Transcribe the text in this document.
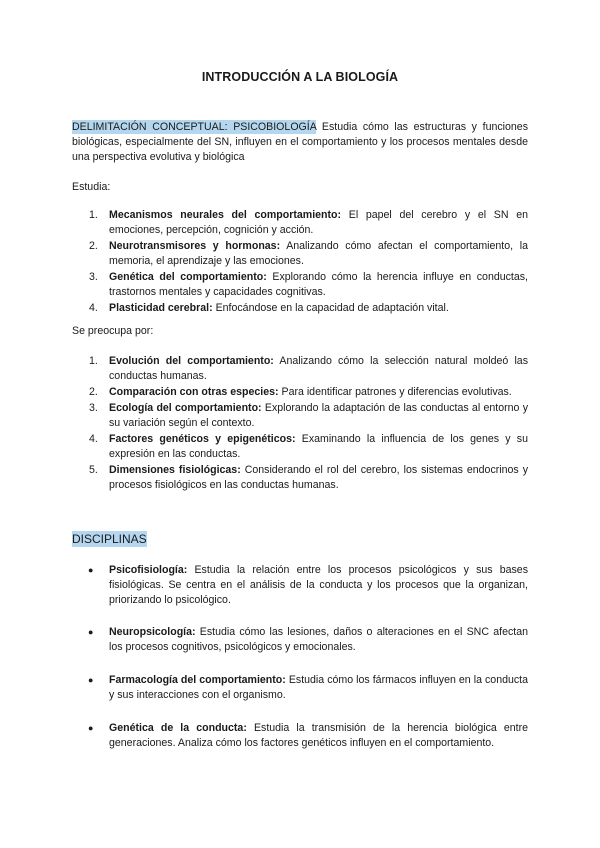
INTRODUCCIÓN A LA BIOLOGÍA
DELIMITACIÓN CONCEPTUAL: PSICOBIOLOGÍA Estudia cómo las estructuras y funciones biológicas, especialmente del SN, influyen en el comportamiento y los procesos mentales desde una perspectiva evolutiva y biológica
Estudia:
1. Mecanismos neurales del comportamiento: El papel del cerebro y el SN en emociones, percepción, cognición y acción.
2. Neurotransmisores y hormonas: Analizando cómo afectan el comportamiento, la memoria, el aprendizaje y las emociones.
3. Genética del comportamiento: Explorando cómo la herencia influye en conductas, trastornos mentales y capacidades cognitivas.
4. Plasticidad cerebral: Enfocándose en la capacidad de adaptación vital.
Se preocupa por:
1. Evolución del comportamiento: Analizando cómo la selección natural moldeó las conductas humanas.
2. Comparación con otras especies: Para identificar patrones y diferencias evolutivas.
3. Ecología del comportamiento: Explorando la adaptación de las conductas al entorno y su variación según el contexto.
4. Factores genéticos y epigenéticos: Examinando la influencia de los genes y su expresión en las conductas.
5. Dimensiones fisiológicas: Considerando el rol del cerebro, los sistemas endocrinos y procesos fisiológicos en las conductas humanas.
DISCIPLINAS
● Psicofisiología: Estudia la relación entre los procesos psicológicos y sus bases fisiológicas. Se centra en el análisis de la conducta y los procesos que la organizan, priorizando lo psicológico.
● Neuropsicología: Estudia cómo las lesiones, daños o alteraciones en el SNC afectan los procesos cognitivos, psicológicos y emocionales.
● Farmacología del comportamiento: Estudia cómo los fármacos influyen en la conducta y sus interacciones con el organismo.
● Genética de la conducta: Estudia la transmisión de la herencia biológica entre generaciones. Analiza cómo los factores genéticos influyen en el comportamiento.
